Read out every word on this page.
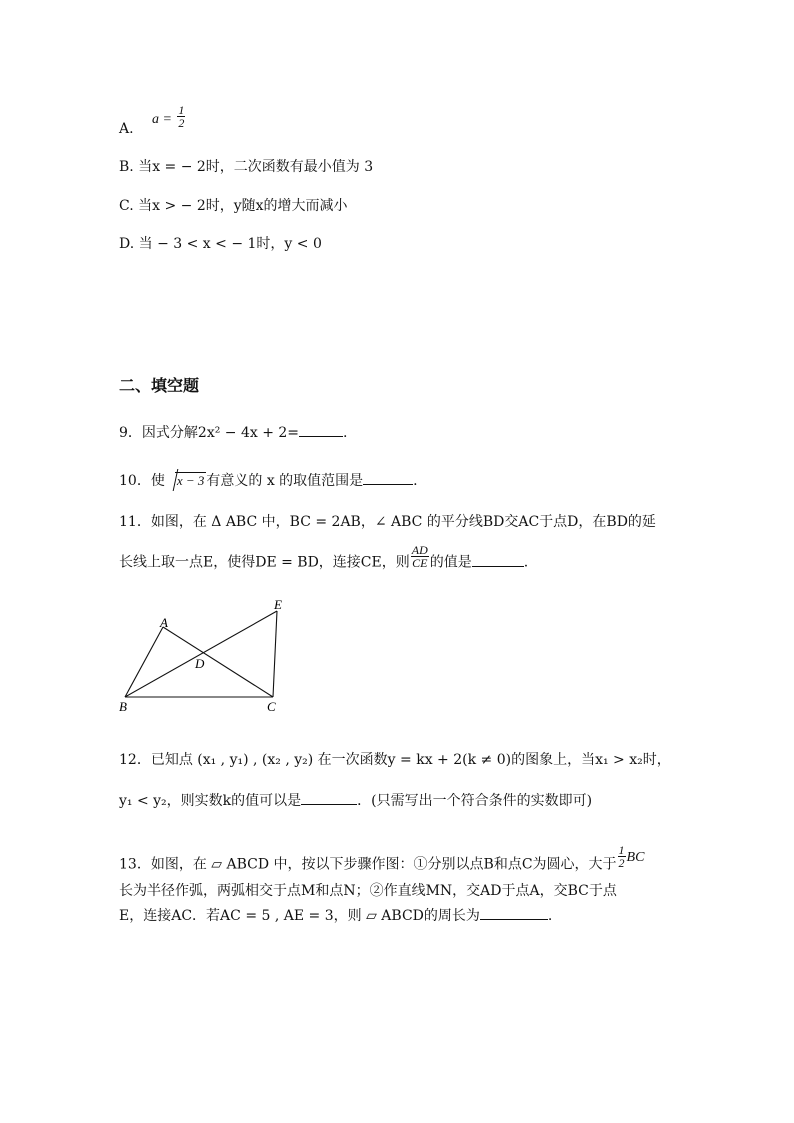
A. $a = \frac{1}{2}$
B. 当x = − 2时，二次函数有最小值为 3
C. 当x > − 2时，y随x的增大而减小
D. 当 − 3 < x < − 1时，y < 0
二、填空题
9．因式分解2x² − 4x + 2=	.
10．使 x − 3 有意义的 x 的取值范围是	.
11．如图，在 Δ ABC 中，BC = 2AB，∠ ABC 的平分线BD交AC于点D，在BD的延
长线上取一点E，使得DE = BD，连接CE，则 $\frac{AD}{CE}$ 的值是	.
A
B	C
D
E
12．已知点 (x₁ , y₁) , (x₂ , y₂) 在一次函数y = kx + 2(k ≠ 0)的图象上，当x₁ > x₂时，
y₁ < y₂，则实数k的值可以是	．(只需写出一个符合条件的实数即可)
13．如图，在 ▱ ABCD 中，按以下步骤作图：①分别以点B和点C为圆心，大于 $\frac{1}{2}$ BC
长为半径作弧，两弧相交于点M和点N；②作直线MN，交AD于点A，交BC于点
E，连接AC．若AC = 5 , AE = 3，则 ▱ ABCD的周长为	.
